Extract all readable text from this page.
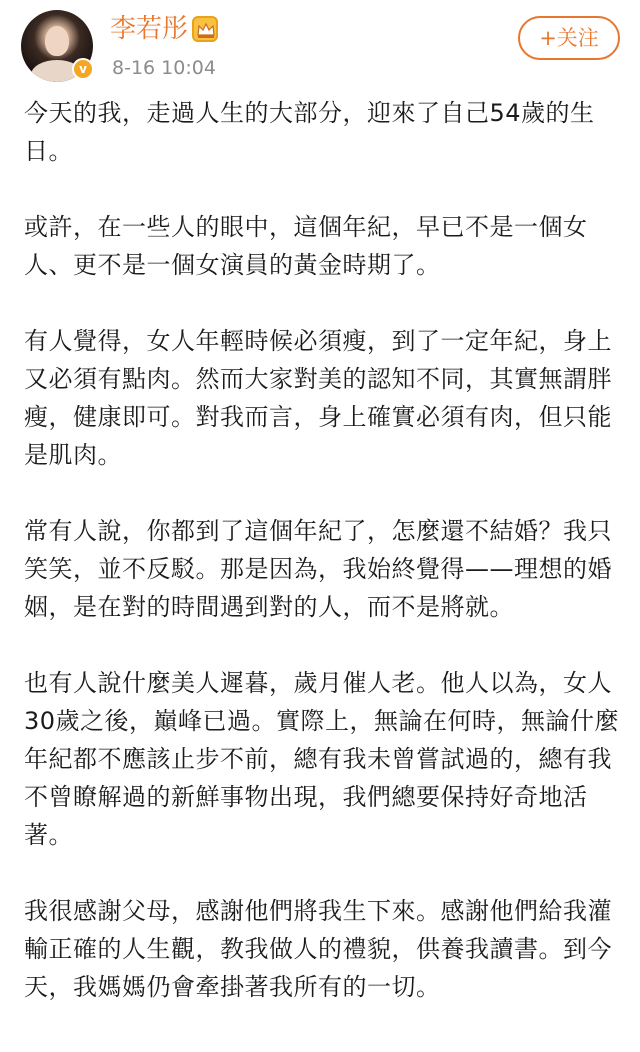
v
李若彤
8-16 10:04
+关注

今天的我，走過人生的大部分，迎來了自己54歲的生日。

或許，在一些人的眼中，這個年紀，早已不是一個女人、更不是一個女演員的黃金時期了。

有人覺得，女人年輕時候必須瘦，到了一定年紀，身上又必須有點肉。然而大家對美的認知不同，其實無謂胖瘦，健康即可。對我而言，身上確實必須有肉，但只能是肌肉。

常有人說，你都到了這個年紀了，怎麼還不結婚？我只笑笑，並不反駁。那是因為，我始終覺得——理想的婚姻，是在對的時間遇到對的人，而不是將就。

也有人說什麼美人遲暮，歲月催人老。他人以為，女人30歲之後，巔峰已過。實際上，無論在何時，無論什麼年紀都不應該止步不前，總有我未曾嘗試過的，總有我不曾瞭解過的新鮮事物出現，我們總要保持好奇地活著。

我很感謝父母，感謝他們將我生下來。感謝他們給我灌輸正確的人生觀，教我做人的禮貌，供養我讀書。到今天，我媽媽仍會牽掛著我所有的一切。
